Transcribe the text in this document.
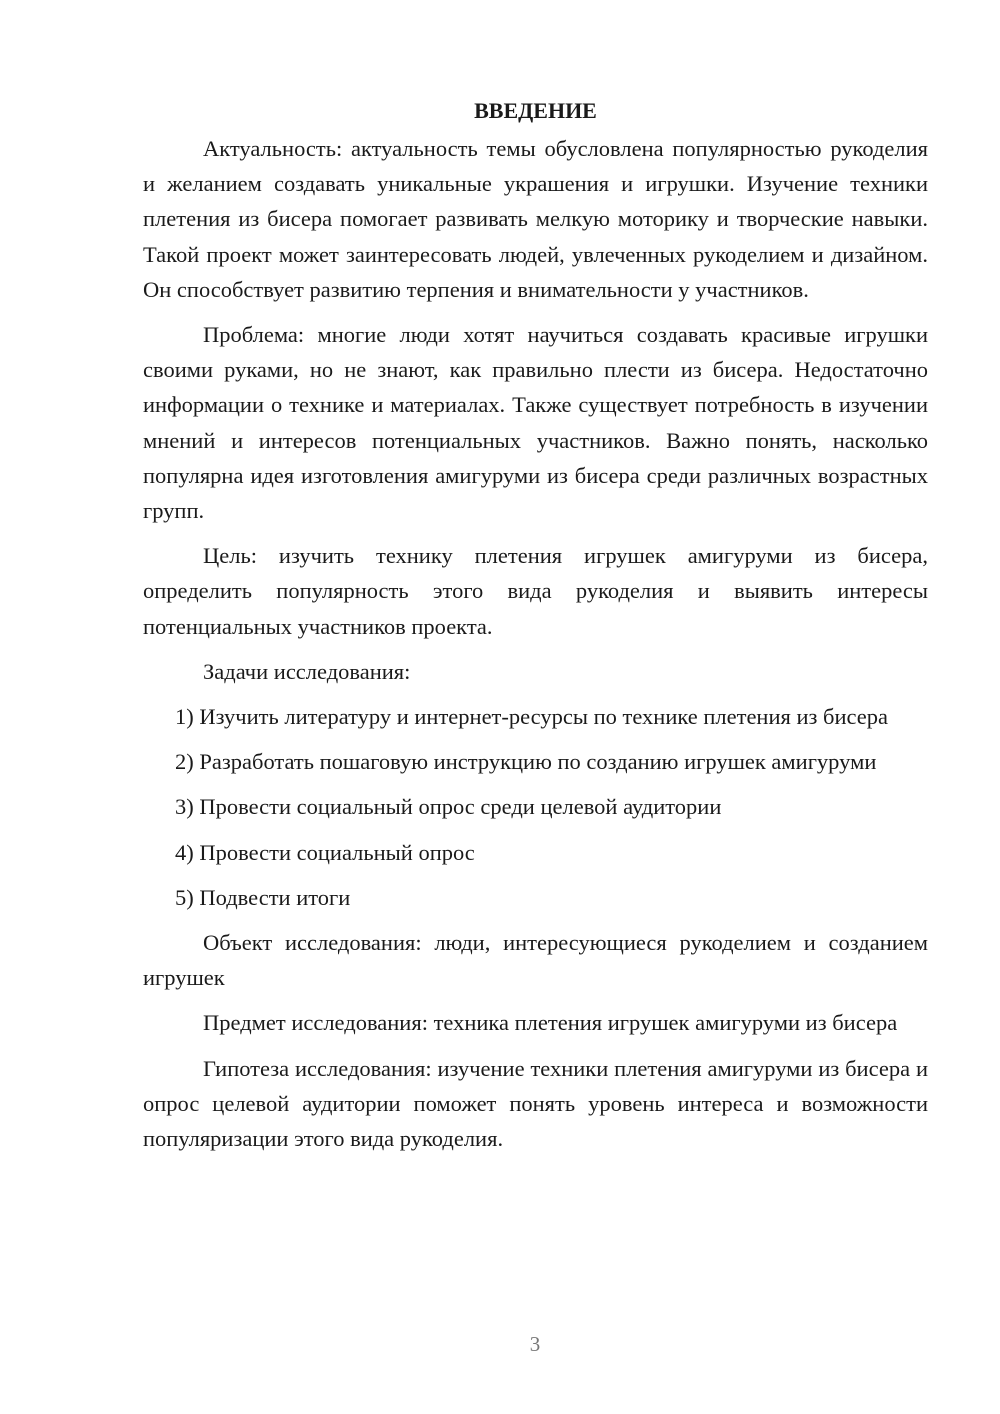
ВВЕДЕНИЕ

Актуальность: актуальность темы обусловлена популярностью рукоделия и желанием создавать уникальные украшения и игрушки. Изучение техники плетения из бисера помогает развивать мелкую моторику и творческие навыки. Такой проект может заинтересовать людей, увлеченных рукоделием и дизайном. Он способствует развитию терпения и внимательности у участников.

Проблема: многие люди хотят научиться создавать красивые игрушки своими руками, но не знают, как правильно плести из бисера. Недостаточно информации о технике и материалах. Также существует потребность в изучении мнений и интересов потенциальных участников. Важно понять, насколько популярна идея изготовления амигуруми из бисера среди различных возрастных групп.

Цель: изучить технику плетения игрушек амигуруми из бисера, определить популярность этого вида рукоделия и выявить интересы потенциальных участников проекта.

Задачи исследования:

1) Изучить литературу и интернет-ресурсы по технике плетения из бисера

2) Разработать пошаговую инструкцию по созданию игрушек амигуруми

3) Провести социальный опрос среди целевой аудитории

4) Провести социальный опрос

5) Подвести итоги

Объект исследования: люди, интересующиеся рукоделием и созданием игрушек

Предмет исследования: техника плетения игрушек амигуруми из бисера

Гипотеза исследования: изучение техники плетения амигуруми из бисера и опрос целевой аудитории поможет понять уровень интереса и возможности популяризации этого вида рукоделия.

3
